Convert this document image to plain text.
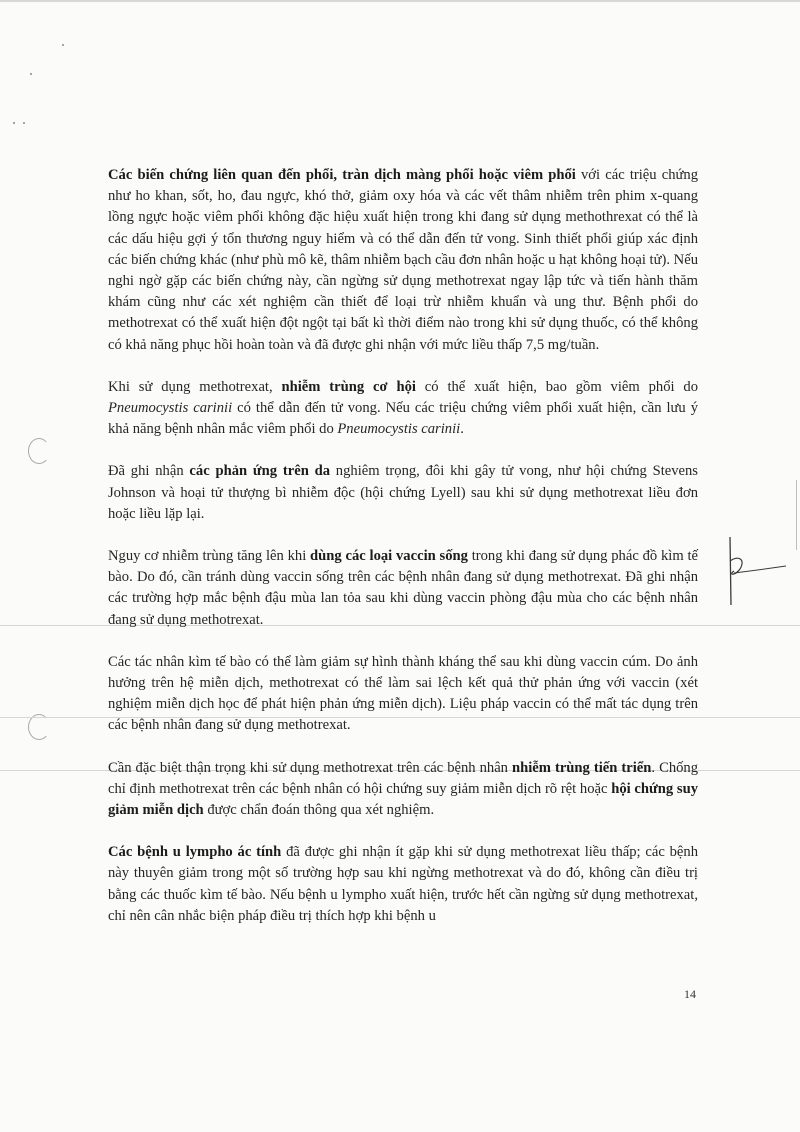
Các biến chứng liên quan đến phổi, tràn dịch màng phổi hoặc viêm phổi với các triệu chứng như ho khan, sốt, ho, đau ngực, khó thở, giảm oxy hóa và các vết thâm nhiễm trên phim x-quang lồng ngực hoặc viêm phổi không đặc hiệu xuất hiện trong khi đang sử dụng methothrexat có thể là các dấu hiệu gợi ý tổn thương nguy hiểm và có thể dẫn đến tử vong. Sinh thiết phổi giúp xác định các biến chứng khác (như phù mô kẽ, thâm nhiễm bạch cầu đơn nhân hoặc u hạt không hoại tử). Nếu nghi ngờ gặp các biến chứng này, cần ngừng sử dụng methotrexat ngay lập tức và tiến hành thăm khám cũng như các xét nghiệm cần thiết để loại trừ nhiễm khuẩn và ung thư. Bệnh phổi do methotrexat có thể xuất hiện đột ngột tại bất kì thời điểm nào trong khi sử dụng thuốc, có thể không có khả năng phục hồi hoàn toàn và đã được ghi nhận với mức liều thấp 7,5 mg/tuần.

Khi sử dụng methotrexat, nhiễm trùng cơ hội có thể xuất hiện, bao gồm viêm phổi do Pneumocystis carinii có thể dẫn đến tử vong. Nếu các triệu chứng viêm phổi xuất hiện, cần lưu ý khả năng bệnh nhân mắc viêm phổi do Pneumocystis carinii.

Đã ghi nhận các phản ứng trên da nghiêm trọng, đôi khi gây tử vong, như hội chứng Stevens Johnson và hoại tử thượng bì nhiễm độc (hội chứng Lyell) sau khi sử dụng methotrexat liều đơn hoặc liều lặp lại.

Nguy cơ nhiễm trùng tăng lên khi dùng các loại vaccin sống trong khi đang sử dụng phác đồ kìm tế bào. Do đó, cần tránh dùng vaccin sống trên các bệnh nhân đang sử dụng methotrexat. Đã ghi nhận các trường hợp mắc bệnh đậu mùa lan tỏa sau khi dùng vaccin phòng đậu mùa cho các bệnh nhân đang sử dụng methotrexat.

Các tác nhân kìm tế bào có thể làm giảm sự hình thành kháng thể sau khi dùng vaccin cúm. Do ảnh hưởng trên hệ miễn dịch, methotrexat có thể làm sai lệch kết quả thử phản ứng với vaccin (xét nghiệm miễn dịch học để phát hiện phản ứng miễn dịch). Liệu pháp vaccin có thể mất tác dụng trên các bệnh nhân đang sử dụng methotrexat.

Cần đặc biệt thận trọng khi sử dụng methotrexat trên các bệnh nhân nhiễm trùng tiến triển. Chống chỉ định methotrexat trên các bệnh nhân có hội chứng suy giảm miễn dịch rõ rệt hoặc hội chứng suy giảm miễn dịch được chẩn đoán thông qua xét nghiệm.

Các bệnh u lympho ác tính đã được ghi nhận ít gặp khi sử dụng methotrexat liều thấp; các bệnh này thuyên giảm trong một số trường hợp sau khi ngừng methotrexat và do đó, không cần điều trị bằng các thuốc kìm tế bào. Nếu bệnh u lympho xuất hiện, trước hết cần ngừng sử dụng methotrexat, chỉ nên cân nhắc biện pháp điều trị thích hợp khi bệnh u

14
